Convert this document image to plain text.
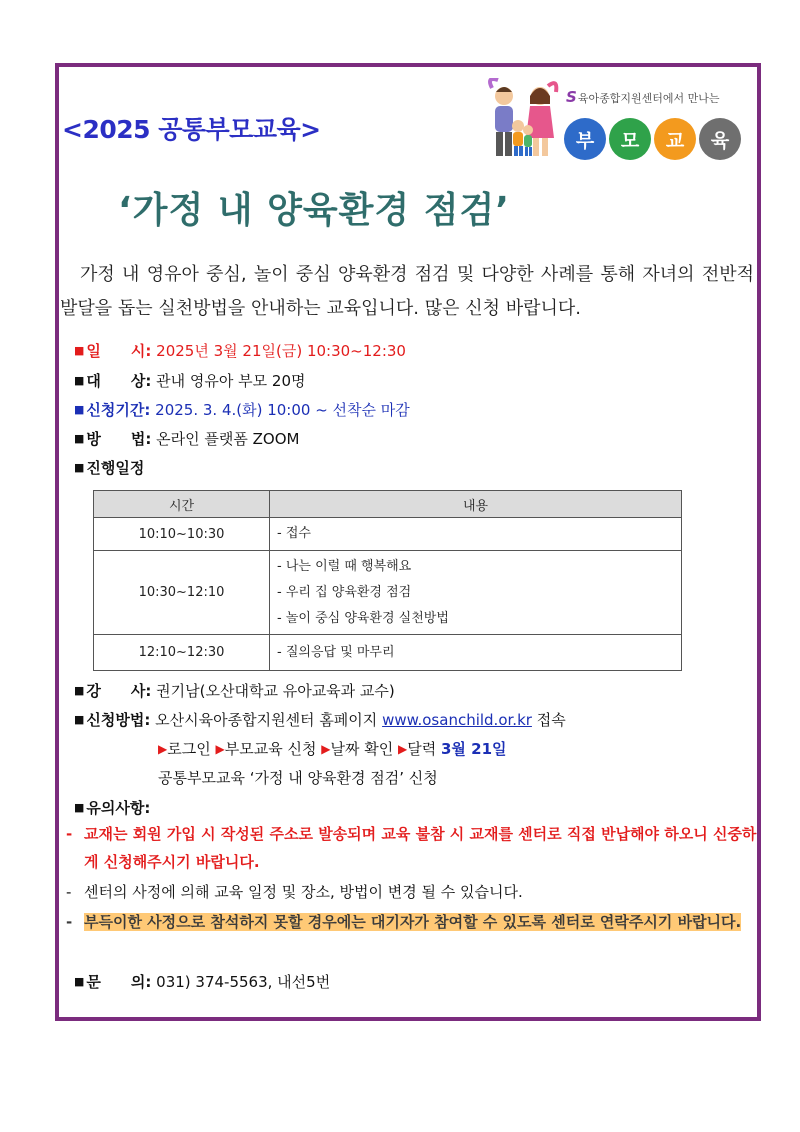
<2025 공통부모교육>
S육아종합지원센터에서 만나는
부	모	교	육
‘가정 내 양육환경 점검’
가정 내 영유아 중심, 놀이 중심 양육환경 점검 및 다양한 사례를 통해 자녀의 전반적 발달을 돕는 실천방법을 안내하는 교육입니다. 많은 신청 바랍니다.
■ 일　　시: 2025년 3월 21일(금) 10:30~12:30
■ 대　　상: 관내 영유아 부모 20명
■ 신청기간: 2025. 3. 4.(화) 10:00 ~ 선착순 마감
■ 방　　법: 온라인 플랫폼 ZOOM
■ 진행일정
시간	내용
10:10~10:30	- 접수

10:30~12:10	- 나는 이럴 때 행복해요
- 우리 집 양육환경 점검
- 놀이 중심 양육환경 실천방법

12:10~12:30	- 질의응답 및 마무리
■ 강　　사: 권기남(오산대학교 유아교육과 교수)
■ 신청방법: 오산시육아종합지원센터 홈페이지 www.osanchild.or.kr 접속
▶로그인 ▶부모교육 신청 ▶날짜 확인 ▶달력 3월 21일
공통부모교육 ‘가정 내 양육환경 점검’ 신청
■ 유의사항:
- 교재는 회원 가입 시 작성된 주소로 발송되며 교육 불참 시 교재를 센터로 직접 반납해야 하오니 신중하게 신청해주시기 바랍니다.
- 센터의 사정에 의해 교육 일정 및 장소, 방법이 변경 될 수 있습니다.
- 부득이한 사정으로 참석하지 못할 경우에는 대기자가 참여할 수 있도록 센터로 연락주시기 바랍니다.
■ 문　　의: 031) 374-5563, 내선5번
